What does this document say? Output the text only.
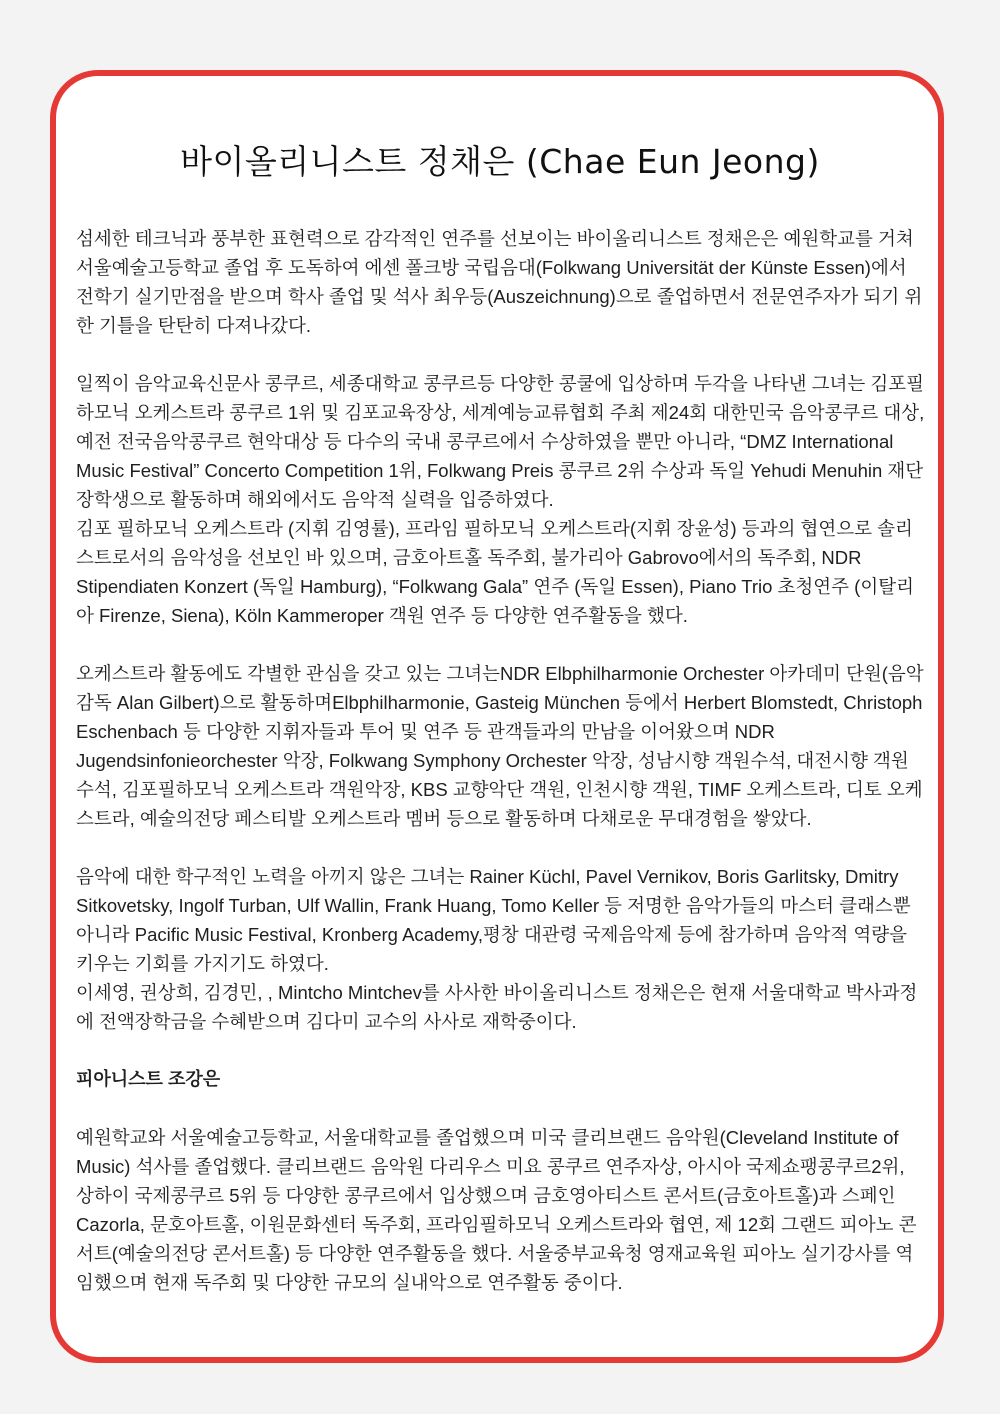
바이올리니스트 정채은 (Chae Eun Jeong)

섬세한 테크닉과 풍부한 표현력으로 감각적인 연주를 선보이는 바이올리니스트 정채은은 예원학교를 거쳐 서울예술고등학교 졸업 후 도독하여 에센 폴크방 국립음대(Folkwang Universität der Künste Essen)에서 전학기 실기만점을 받으며 학사 졸업 및 석사 최우등(Auszeichnung)으로 졸업하면서 전문연주자가 되기 위한 기틀을 탄탄히 다져나갔다.

일찍이 음악교육신문사 콩쿠르, 세종대학교 콩쿠르등 다양한 콩쿨에 입상하며 두각을 나타낸 그녀는 김포필하모닉 오케스트라 콩쿠르 1위 및 김포교육장상, 세계예능교류협회 주최 제24회 대한민국 음악콩쿠르 대상, 예전 전국음악콩쿠르 현악대상 등 다수의 국내 콩쿠르에서 수상하였을 뿐만 아니라, “DMZ International Music Festival” Concerto Competition 1위, Folkwang Preis 콩쿠르 2위 수상과 독일 Yehudi Menuhin 재단 장학생으로 활동하며 해외에서도 음악적 실력을 입증하였다.

김포 필하모닉 오케스트라 (지휘 김영률), 프라임 필하모닉 오케스트라(지휘 장윤성) 등과의 협연으로 솔리스트로서의 음악성을 선보인 바 있으며, 금호아트홀 독주회, 불가리아 Gabrovo에서의 독주회, NDR Stipendiaten Konzert (독일 Hamburg), “Folkwang Gala” 연주 (독일 Essen), Piano Trio 초청연주 (이탈리아 Firenze, Siena), Köln Kammeroper 객원 연주 등 다양한 연주활동을 했다.

오케스트라 활동에도 각별한 관심을 갖고 있는 그녀는NDR Elbphilharmonie Orchester 아카데미 단원(음악감독 Alan Gilbert)으로 활동하며Elbphilharmonie, Gasteig München 등에서 Herbert Blomstedt, Christoph Eschenbach 등 다양한 지휘자들과 투어 및 연주 등 관객들과의 만남을 이어왔으며 NDR Jugendsinfonieorchester 악장, Folkwang Symphony Orchester 악장, 성남시향 객원수석, 대전시향 객원수석, 김포필하모닉 오케스트라 객원악장, KBS 교향악단 객원, 인천시향 객원, TIMF 오케스트라, 디토 오케스트라, 예술의전당 페스티발 오케스트라 멤버 등으로 활동하며 다채로운 무대경험을 쌓았다.

음악에 대한 학구적인 노력을 아끼지 않은 그녀는 Rainer Küchl, Pavel Vernikov, Boris Garlitsky, Dmitry Sitkovetsky, Ingolf Turban, Ulf Wallin, Frank Huang, Tomo Keller 등 저명한 음악가들의 마스터 클래스뿐 아니라 Pacific Music Festival, Kronberg Academy,평창 대관령 국제음악제 등에 참가하며 음악적 역량을 키우는 기회를 가지기도 하였다.

이세영, 권상희, 김경민, , Mintcho Mintchev를 사사한 바이올리니스트 정채은은 현재 서울대학교 박사과정에 전액장학금을 수혜받으며 김다미 교수의 사사로 재학중이다.

피아니스트 조강은

예원학교와 서울예술고등학교, 서울대학교를 졸업했으며 미국 클리브랜드 음악원(Cleveland Institute of Music) 석사를 졸업했다. 클리브랜드 음악원 다리우스 미요 콩쿠르 연주자상, 아시아 국제쇼팽콩쿠르2위, 상하이 국제콩쿠르 5위 등 다양한 콩쿠르에서 입상했으며 금호영아티스트 콘서트(금호아트홀)과 스페인 Cazorla, 문호아트홀, 이원문화센터 독주회, 프라임필하모닉 오케스트라와 협연, 제 12회 그랜드 피아노 콘서트(예술의전당 콘서트홀) 등 다양한 연주활동을 했다. 서울중부교육청 영재교육원 피아노 실기강사를 역임했으며 현재 독주회 및 다양한 규모의 실내악으로 연주활동 중이다.
